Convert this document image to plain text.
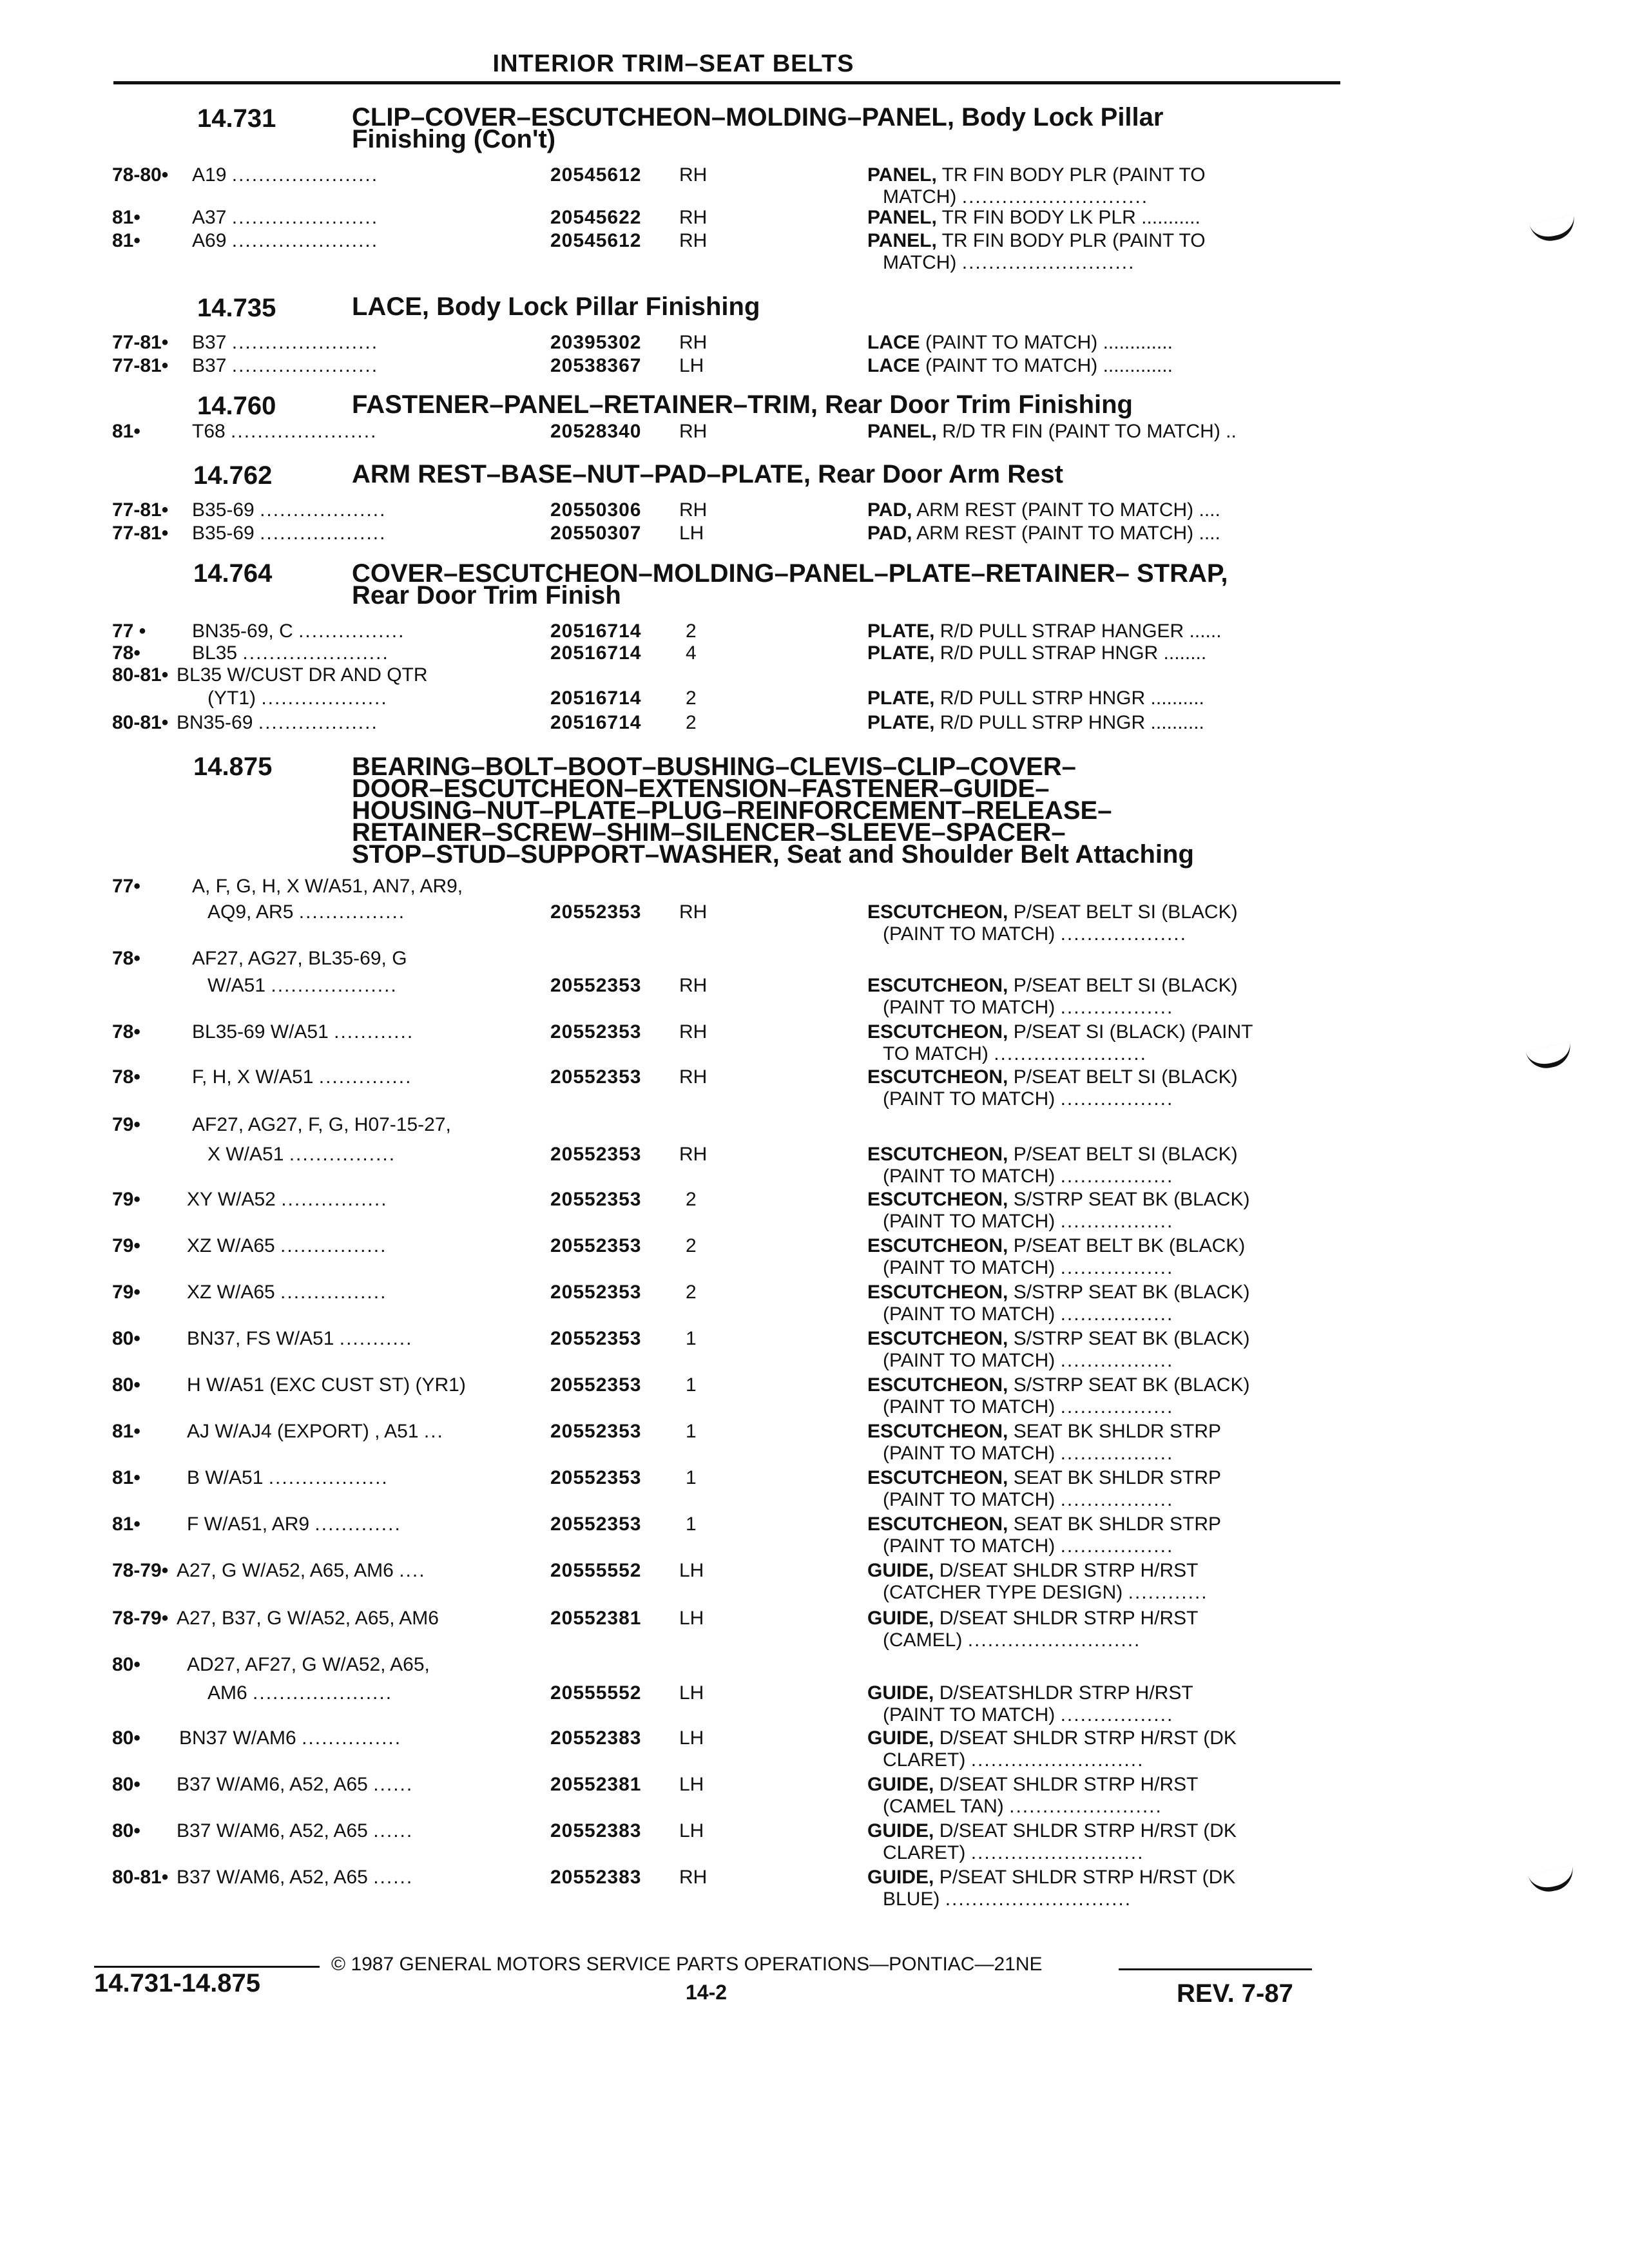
INTERIOR TRIM–SEAT BELTS
14.731	CLIP–COVER–ESCUTCHEON–MOLDING–PANEL, Body Lock Pillar
Finishing (Con't)
14.735	LACE, Body Lock Pillar Finishing
14.760	FASTENER–PANEL–RETAINER–TRIM, Rear Door Trim Finishing
14.762	ARM REST–BASE–NUT–PAD–PLATE, Rear Door Arm Rest
14.764	COVER–ESCUTCHEON–MOLDING–PANEL–PLATE–RETAINER– STRAP,
Rear Door Trim Finish
14.875	BEARING–BOLT–BOOT–BUSHING–CLEVIS–CLIP–COVER–
DOOR–ESCUTCHEON–EXTENSION–FASTENER–GUIDE–
HOUSING–NUT–PLATE–PLUG–REINFORCEMENT–RELEASE–
RETAINER–SCREW–SHIM–SILENCER–SLEEVE–SPACER–
STOP–STUD–SUPPORT–WASHER, Seat and Shoulder Belt Attaching
78-80• A19 ......................	20545612 RH	PANEL, TR FIN BODY PLR (PAINT TO
MATCH) ............................
81•	A37 ......................	20545622 RH	PANEL, TR FIN BODY LK PLR ...........
81•	A69 ......................	20545612 RH	PANEL, TR FIN BODY PLR (PAINT TO
MATCH) ..........................
77-81• B37 ......................	20395302 RH	LACE (PAINT TO MATCH) .............
77-81• B37 ......................	20538367 LH	LACE (PAINT TO MATCH) .............
81•	T68 ......................	20528340 RH	PANEL, R/D TR FIN (PAINT TO MATCH) ..
77-81• B35-69 ...................	20550306 RH	PAD, ARM REST (PAINT TO MATCH) ....
77-81• B35-69 ...................	20550307 LH	PAD, ARM REST (PAINT TO MATCH) ....
77 • BN35-69, C ................	20516714 2	PLATE, R/D PULL STRAP HANGER ......
78•	BL35 ......................	20516714 4	PLATE, R/D PULL STRAP HNGR ........
80-81• BL35 W/CUST DR AND QTR
(YT1) ...................	20516714 2	PLATE, R/D PULL STRP HNGR ..........
80-81• BN35-69 ..................	20516714 2	PLATE, R/D PULL STRP HNGR ..........
77•	A, F, G, H, X W/A51, AN7, AR9,
AQ9, AR5 ................	20552353 RH	ESCUTCHEON, P/SEAT BELT SI (BLACK)
(PAINT TO MATCH) ...................
78•	AF27, AG27, BL35-69, G
W/A51 ...................	20552353 RH	ESCUTCHEON, P/SEAT BELT SI (BLACK)
(PAINT TO MATCH) .................
78•	BL35-69 W/A51 ............	20552353 RH	ESCUTCHEON, P/SEAT SI (BLACK) (PAINT
TO MATCH) .......................
78•	F, H, X W/A51 ..............	20552353 RH	ESCUTCHEON, P/SEAT BELT SI (BLACK)
(PAINT TO MATCH) .................
79•	AF27, AG27, F, G, H07-15-27,
X W/A51 ................	20552353 RH	ESCUTCHEON, P/SEAT BELT SI (BLACK)
(PAINT TO MATCH) .................
79• XY W/A52 ................	20552353 2	ESCUTCHEON, S/STRP SEAT BK (BLACK)
(PAINT TO MATCH) .................
79• XZ W/A65 ................	20552353 2	ESCUTCHEON, P/SEAT BELT BK (BLACK)
(PAINT TO MATCH) .................
79• XZ W/A65 ................	20552353 2	ESCUTCHEON, S/STRP SEAT BK (BLACK)
(PAINT TO MATCH) .................
80• BN37, FS W/A51 ...........	20552353 1	ESCUTCHEON, S/STRP SEAT BK (BLACK)
(PAINT TO MATCH) .................
80• H W/A51 (EXC CUST ST) (YR1)	20552353 1	ESCUTCHEON, S/STRP SEAT BK (BLACK)
(PAINT TO MATCH) .................
81• AJ W/AJ4 (EXPORT) , A51 ...	20552353 1	ESCUTCHEON, SEAT BK SHLDR STRP
(PAINT TO MATCH) .................
81• B W/A51 ..................	20552353 1	ESCUTCHEON, SEAT BK SHLDR STRP
(PAINT TO MATCH) .................
81• F W/A51, AR9 .............	20552353 1	ESCUTCHEON, SEAT BK SHLDR STRP
(PAINT TO MATCH) .................
78-79• A27, G W/A52, A65, AM6 ....	20555552 LH	GUIDE, D/SEAT SHLDR STRP H/RST
(CATCHER TYPE DESIGN) ............
78-79• A27, B37, G W/A52, A65, AM6	20552381 LH	GUIDE, D/SEAT SHLDR STRP H/RST
(CAMEL) ..........................
80• AD27, AF27, G W/A52, A65,
AM6 .....................	20555552 LH	GUIDE, D/SEATSHLDR STRP H/RST
(PAINT TO MATCH) .................
80• BN37 W/AM6 ...............	20552383 LH	GUIDE, D/SEAT SHLDR STRP H/RST (DK
CLARET) ..........................
80• B37 W/AM6, A52, A65 ......	20552381 LH	GUIDE, D/SEAT SHLDR STRP H/RST
(CAMEL TAN) .......................
80• B37 W/AM6, A52, A65 ......	20552383 LH	GUIDE, D/SEAT SHLDR STRP H/RST (DK
CLARET) ..........................
80-81• B37 W/AM6, A52, A65 ......	20552383 RH	GUIDE, P/SEAT SHLDR STRP H/RST (DK
BLUE) ............................
© 1987 GENERAL MOTORS SERVICE PARTS OPERATIONS—PONTIAC—21NE
14.731-14.875	14-2	REV. 7-87
